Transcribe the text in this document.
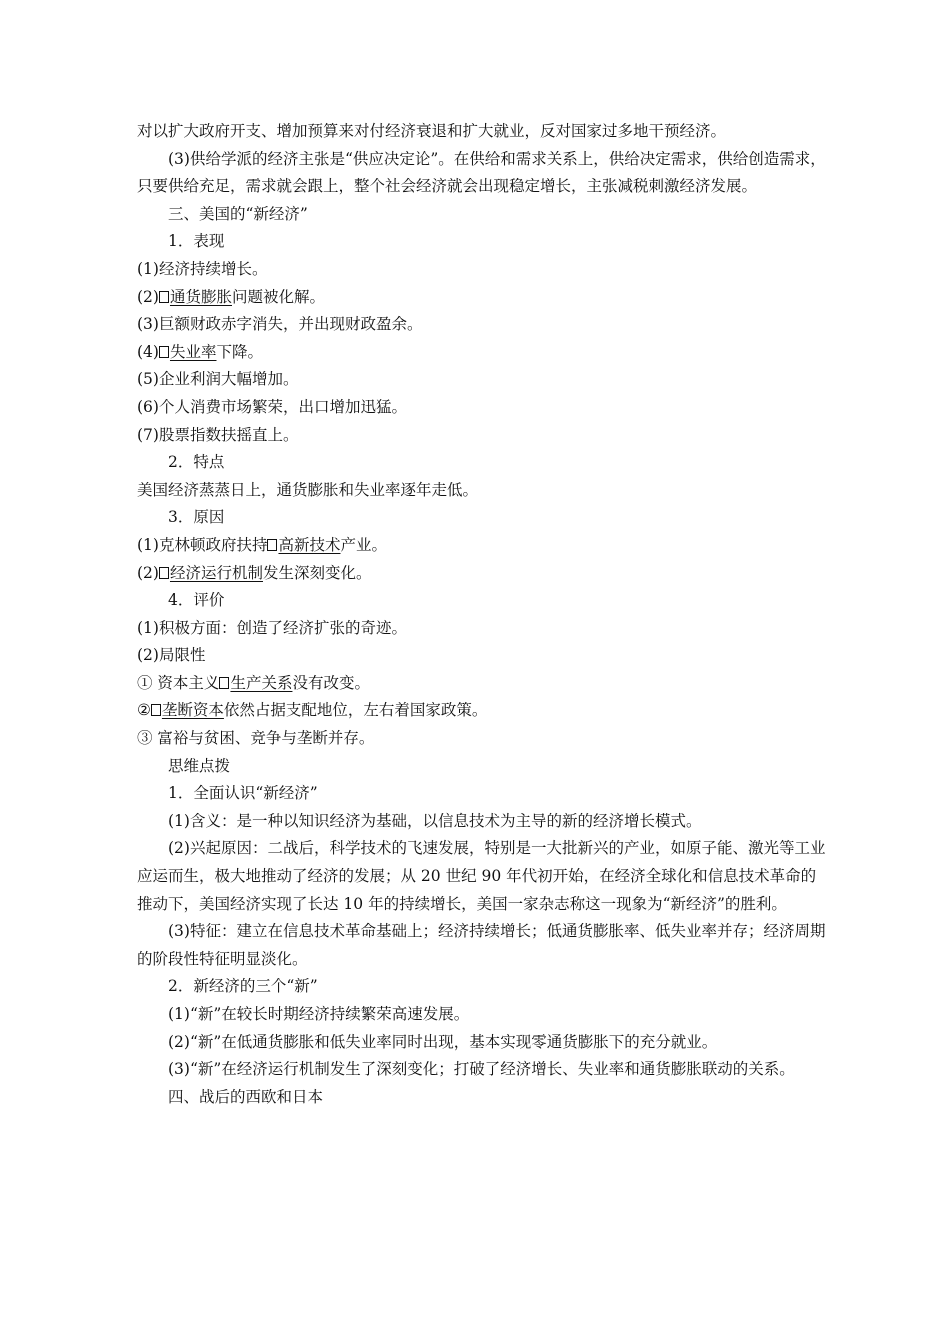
对以扩大政府开支、增加预算来对付经济衰退和扩大就业，反对国家过多地干预经济。

(3)供给学派的经济主张是“供应决定论”。在供给和需求关系上，供给决定需求，供给创造需求，只要供给充足，需求就会跟上，整个社会经济就会出现稳定增长，主张减税刺激经济发展。

三、美国的“新经济”

1．表现

(1)经济持续增长。

(2) 通货膨胀问题被化解。

(3)巨额财政赤字消失，并出现财政盈余。

(4) 失业率下降。

(5)企业利润大幅增加。

(6)个人消费市场繁荣，出口增加迅猛。

(7)股票指数扶摇直上。

2．特点

美国经济蒸蒸日上，通货膨胀和失业率逐年走低。

3．原因

(1)克林顿政府扶持 高新技术产业。

(2) 经济运行机制发生深刻变化。

4．评价

(1)积极方面：创造了经济扩张的奇迹。

(2)局限性

① 资本主义 生产关系没有改变。

② 垄断资本依然占据支配地位，左右着国家政策。

③ 富裕与贫困、竞争与垄断并存。

思维点拨

1．全面认识“新经济”

(1)含义：是一种以知识经济为基础，以信息技术为主导的新的经济增长模式。

(2)兴起原因：二战后，科学技术的飞速发展，特别是一大批新兴的产业，如原子能、激光等工业应运而生，极大地推动了经济的发展；从 20 世纪 90 年代初开始，在经济全球化和信息技术革命的推动下，美国经济实现了长达 10 年的持续增长，美国一家杂志称这一现象为“新经济”的胜利。

(3)特征：建立在信息技术革命基础上；经济持续增长；低通货膨胀率、低失业率并存；经济周期的阶段性特征明显淡化。

2．新经济的三个“新”

(1)“新”在较长时期经济持续繁荣高速发展。

(2)“新”在低通货膨胀和低失业率同时出现，基本实现零通货膨胀下的充分就业。

(3)“新”在经济运行机制发生了深刻变化；打破了经济增长、失业率和通货膨胀联动的关系。

四、战后的西欧和日本
